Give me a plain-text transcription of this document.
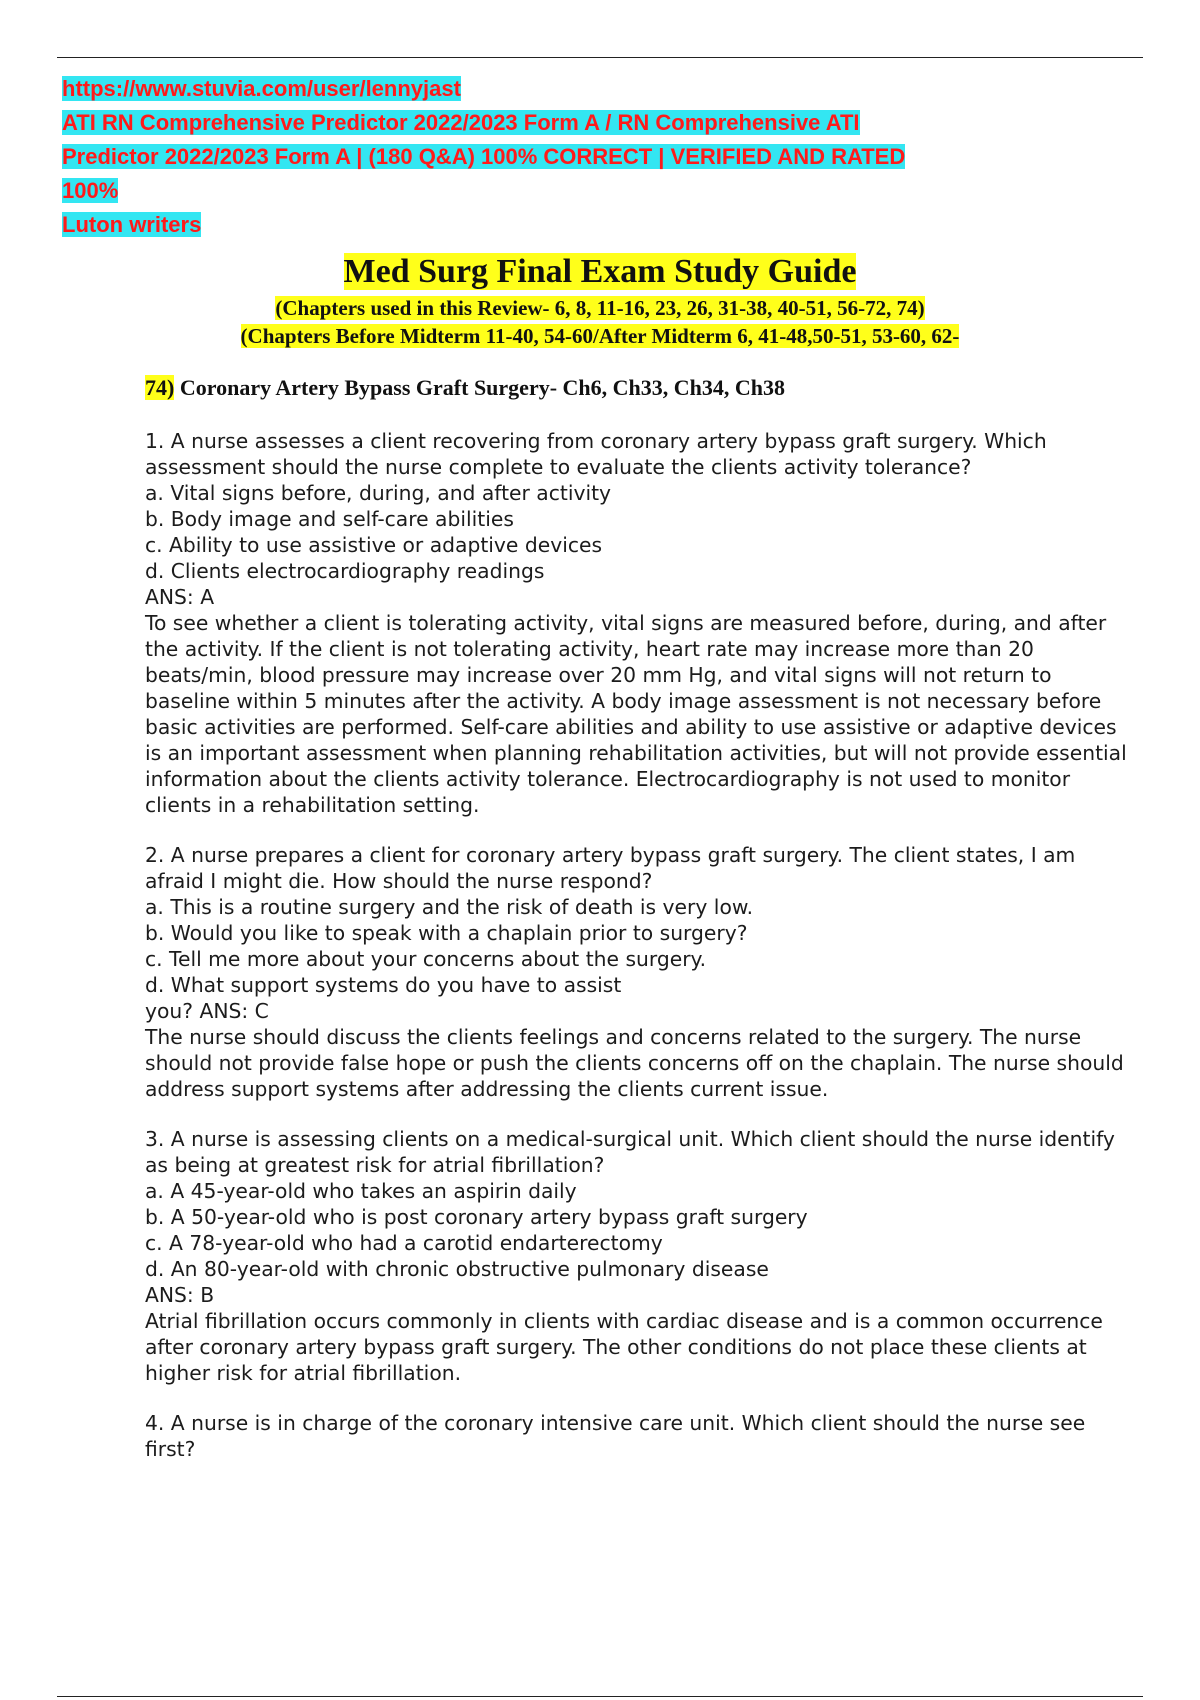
https://www.stuvia.com/user/lennyjast
ATI RN Comprehensive Predictor 2022/2023 Form A / RN Comprehensive ATI
Predictor 2022/2023 Form A | (180 Q&A) 100% CORRECT | VERIFIED AND RATED
100%
Luton writers
Med Surg Final Exam Study Guide
(Chapters used in this Review- 6, 8, 11-16, 23, 26, 31-38, 40-51, 56-72, 74)
(Chapters Before Midterm 11-40, 54-60/After Midterm 6, 41-48,50-51, 53-60, 62-
74) Coronary Artery Bypass Graft Surgery- Ch6, Ch33, Ch34, Ch38

1. A nurse assesses a client recovering from coronary artery bypass graft surgery. Which assessment should the nurse complete to evaluate the clients activity tolerance?

a. Vital signs before, during, and after activity

b. Body image and self-care abilities

c. Ability to use assistive or adaptive devices

d. Clients electrocardiography readings

ANS: A

To see whether a client is tolerating activity, vital signs are measured before, during, and after the activity. If the client is not tolerating activity, heart rate may increase more than 20 beats/min, blood pressure may increase over 20 mm Hg, and vital signs will not return to baseline within 5 minutes after the activity. A body image assessment is not necessary before basic activities are performed. Self-care abilities and ability to use assistive or adaptive devices is an important assessment when planning rehabilitation activities, but will not provide essential information about the clients activity tolerance. Electrocardiography is not used to monitor clients in a rehabilitation setting.

2. A nurse prepares a client for coronary artery bypass graft surgery. The client states, I am afraid I might die. How should the nurse respond?

a. This is a routine surgery and the risk of death is very low.

b. Would you like to speak with a chaplain prior to surgery?

c. Tell me more about your concerns about the surgery.

d. What support systems do you have to assist

you? ANS: C

The nurse should discuss the clients feelings and concerns related to the surgery. The nurse should not provide false hope or push the clients concerns off on the chaplain. The nurse should address support systems after addressing the clients current issue.

3. A nurse is assessing clients on a medical-surgical unit. Which client should the nurse identify as being at greatest risk for atrial fibrillation?

a. A 45-year-old who takes an aspirin daily

b. A 50-year-old who is post coronary artery bypass graft surgery

c. A 78-year-old who had a carotid endarterectomy

d. An 80-year-old with chronic obstructive pulmonary disease

ANS: B

Atrial fibrillation occurs commonly in clients with cardiac disease and is a common occurrence after coronary artery bypass graft surgery. The other conditions do not place these clients at higher risk for atrial fibrillation.

4. A nurse is in charge of the coronary intensive care unit. Which client should the nurse see first?
